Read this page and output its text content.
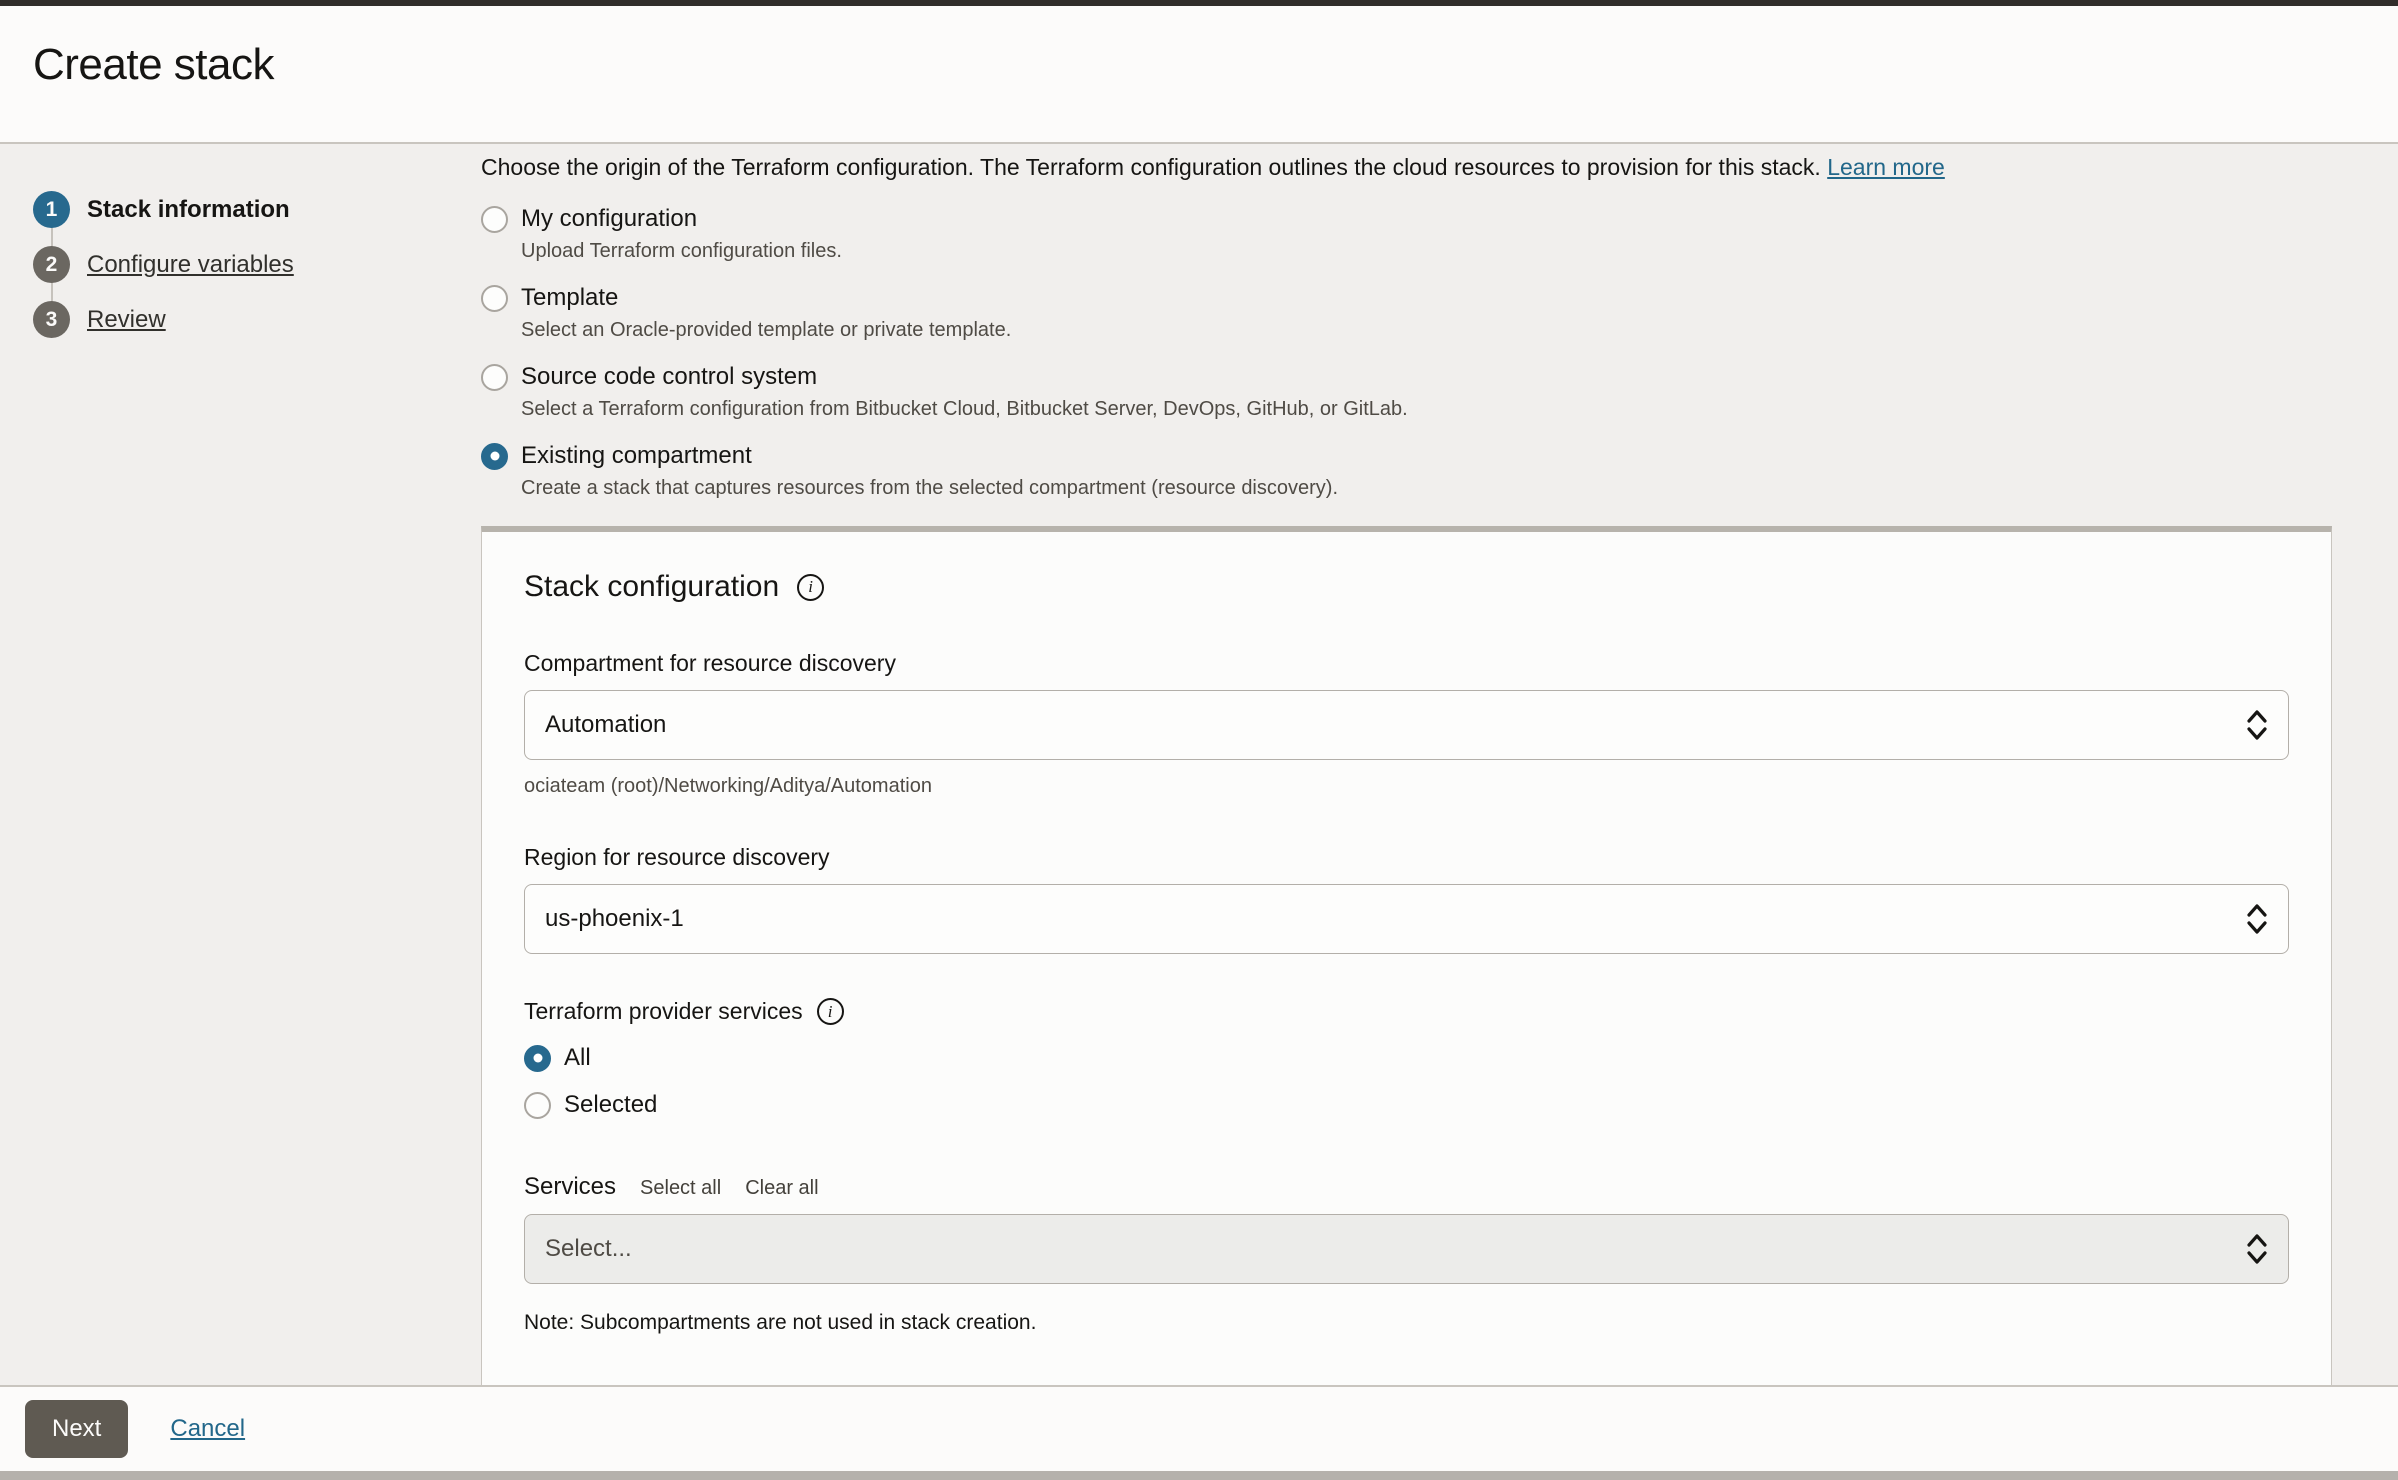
Create stack
1	Stack information
2	Configure variables
3	Review
Choose the origin of the Terraform configuration. The Terraform configuration outlines the cloud resources to provision for this stack. Learn more
My configuration
Upload Terraform configuration files.
Template
Select an Oracle-provided template or private template.
Source code control system
Select a Terraform configuration from Bitbucket Cloud, Bitbucket Server, DevOps, GitHub, or GitLab.
Existing compartment
Create a stack that captures resources from the selected compartment (resource discovery).
Stack configuration	i
Compartment for resource discovery
Automation
ociateam (root)/Networking/Aditya/Automation
Region for resource discovery
us-phoenix-1
Terraform provider services	i
All
Selected
Services Select all Clear all
Select...
Note: Subcompartments are not used in stack creation.
Next	Cancel
